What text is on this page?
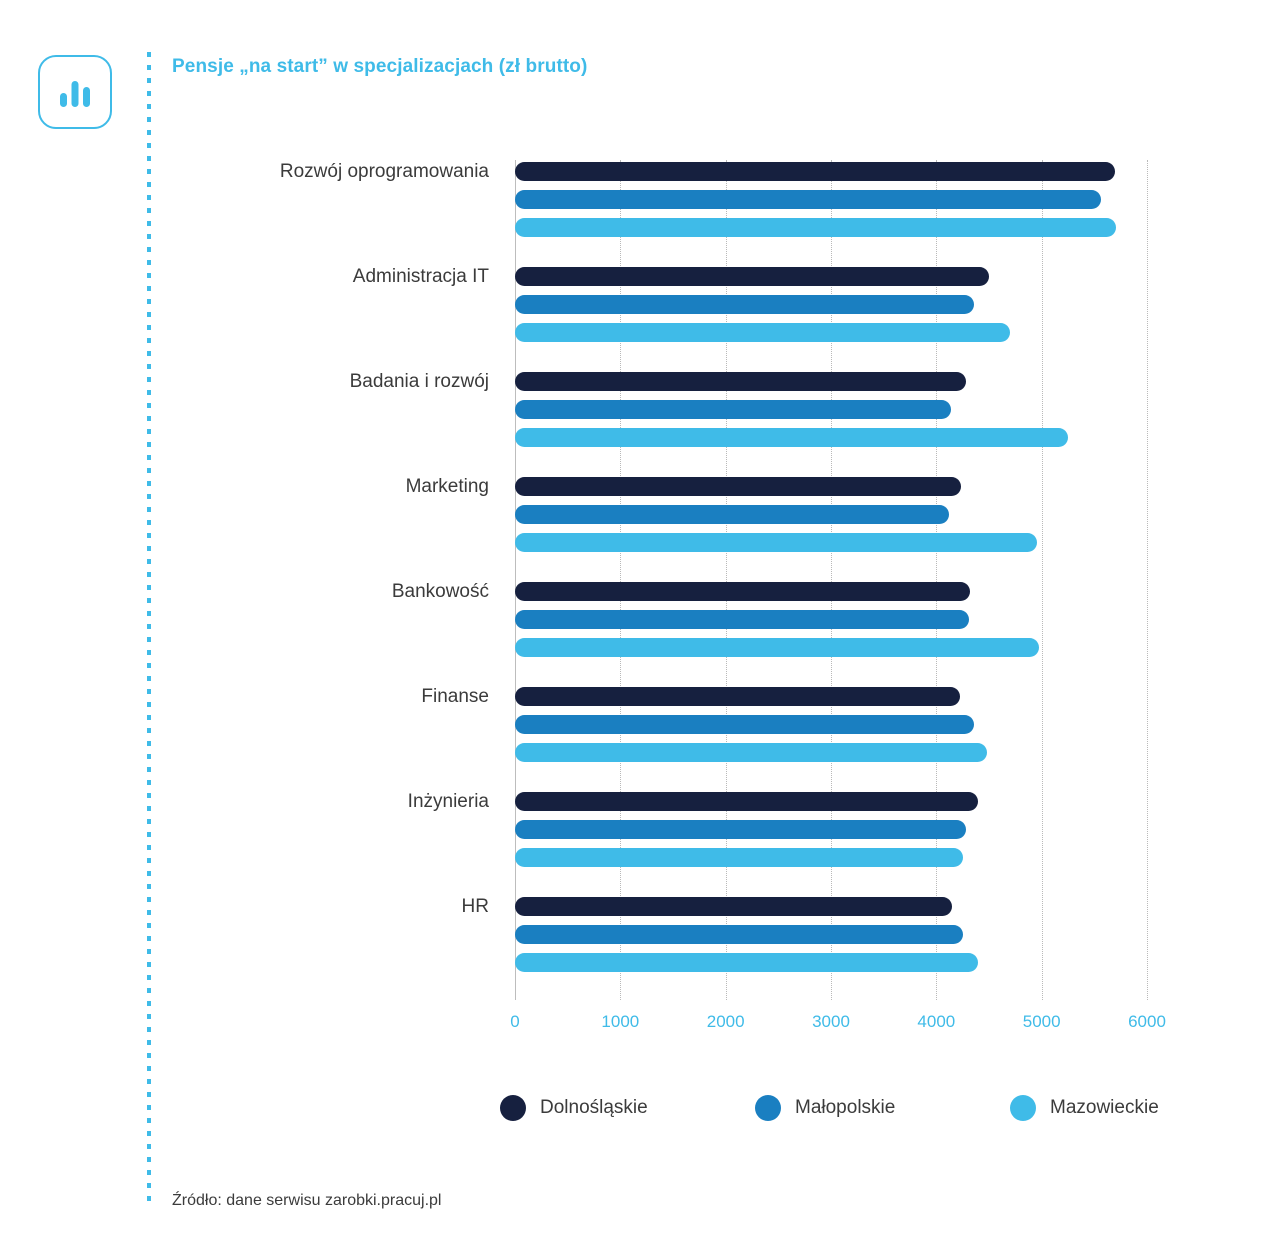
Pensje „na start” w specjalizacjach (zł brutto)
Rozwój oprogramowania
Administracja IT
Badania i rozwój
Marketing
Bankowość
Finanse
Inżynieria
HR
0	1000	2000	3000	4000	5000	6000
Dolnośląskie	Małopolskie	Mazowieckie
Źródło: dane serwisu zarobki.pracuj.pl
